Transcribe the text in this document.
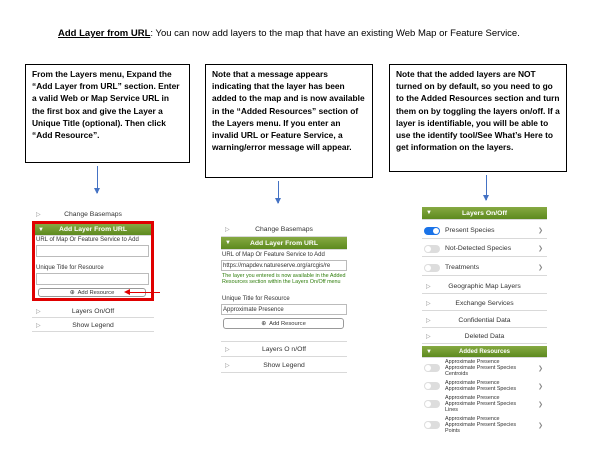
Add Layer from URL: You can now add layers to the map that have an existing Web Map or Feature Service.
From the Layers menu, Expand the “Add Layer from URL” section. Enter a valid Web or Map Service URL in the first box and give the Layer a Unique Title (optional). Then click “Add Resource”.
Note that a message appears indicating that the layer has been added to the map and is now available in the “Added Resources” section of the Layers menu. If you enter an invalid URL or Feature Service, a warning/error message will appear.
Note that the added layers are NOT turned on by default, so you need to go to the Added Resources section and turn them on by toggling the layers on/off. If a layer is identifiable, you will be able to use the identify tool/See What’s Here to get information on the layers.
▷	Change Basemaps
▼ Add Layer From URL
URL of Map Or Feature Service to Add
Unique Title for Resource
⊕ Add Resource
▷	Layers On/Off
▷	Show Legend
▷	Change Basemaps
▼	Add Layer From URL
URL of Map Or Feature Service to Add
https://mapdev.natureserve.org/arcgis/re
The layer you entered is now available in the Added Resources section within the Layers On/Off menu
Unique Title for Resource
Approximate Presence
⊕ Add Resource
▷	Layers O n/Off
▷	Show Legend
▼	Layers On/Off
Present Species	❯
Not-Detected Species	❯
Treatments	❯
▷	Geographic Map Layers
▷	Exchange Services
▷	Confidential Data
▷	Deleted Data
▼	Added Resources
Approximate Presence
Approximate Present Species
Centroids
❯
Approximate Presence
Approximate Present Species	❯
Approximate Presence
Approximate Present Species
Lines
❯
Approximate Presence
Approximate Present Species
Points
❯
